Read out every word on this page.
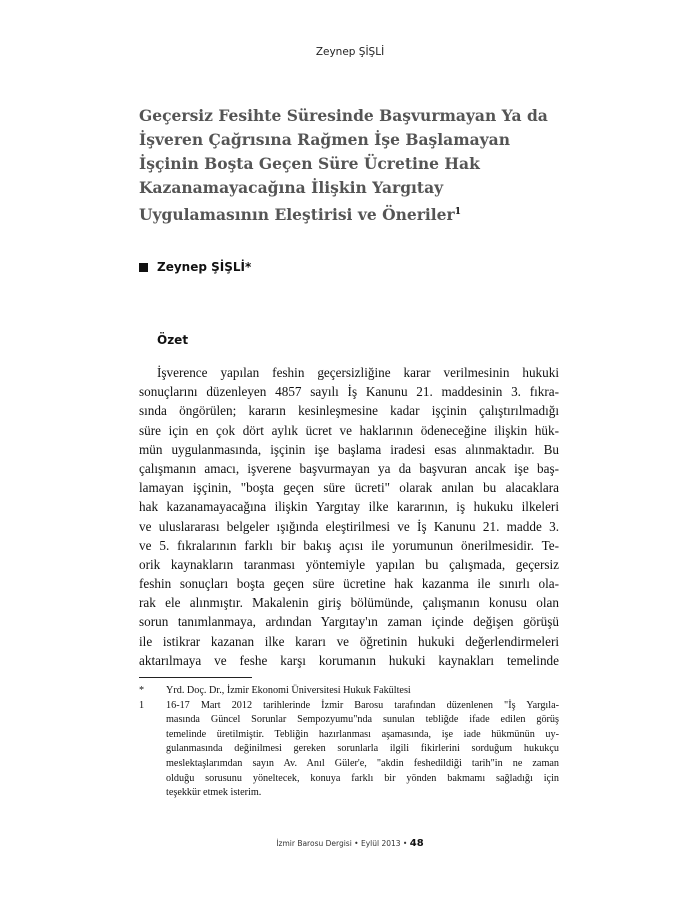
Zeynep ŞİŞLİ
Geçersiz Fesihte Süresinde Başvurmayan Ya da İşveren Çağrısına Rağmen İşe Başlamayan İşçinin Boşta Geçen Süre Ücretine Hak Kazanamayacağına İlişkin Yargıtay Uygulamasının Eleştirisi ve Öneriler$^1$
Zeynep ŞİŞLİ*
Özet
İşverence yapılan feshin geçersizliğine karar verilmesinin hukuki
sonuçlarını düzenleyen 4857 sayılı İş Kanunu 21. maddesinin 3. fıkra-
sında öngörülen; kararın kesinleşmesine kadar işçinin çalıştırılmadığı
süre için en çok dört aylık ücret ve haklarının ödeneceğine ilişkin hük-
mün uygulanmasında, işçinin işe başlama iradesi esas alınmaktadır. Bu
çalışmanın amacı, işverene başvurmayan ya da başvuran ancak işe baş-
lamayan işçinin, "boşta geçen süre ücreti" olarak anılan bu alacaklara
hak kazanamayacağına ilişkin Yargıtay ilke kararının, iş hukuku ilkeleri
ve uluslararası belgeler ışığında eleştirilmesi ve İş Kanunu 21. madde 3.
ve 5. fıkralarının farklı bir bakış açısı ile yorumunun önerilmesidir. Te-
orik kaynakların taranması yöntemiyle yapılan bu çalışmada, geçersiz
feshin sonuçları boşta geçen süre ücretine hak kazanma ile sınırlı ola-
rak ele alınmıştır. Makalenin giriş bölümünde, çalışmanın konusu olan
sorun tanımlanmaya, ardından Yargıtay'ın zaman içinde değişen görüşü
ile istikrar kazanan ilke kararı ve öğretinin hukuki değerlendirmeleri
aktarılmaya ve feshe karşı korumanın hukuki kaynakları temelinde
* Yrd. Doç. Dr., İzmir Ekonomi Üniversitesi Hukuk Fakültesi
1 16-17 Mart 2012 tarihlerinde İzmir Barosu tarafından düzenlenen "İş Yargıla-
masında Güncel Sorunlar Sempozyumu"nda sunulan tebliğde ifade edilen görüş
temelinde üretilmiştir. Tebliğin hazırlanması aşamasında, işe iade hükmünün uy-
gulanmasında değinilmesi gereken sorunlarla ilgili fikirlerini sorduğum hukukçu
meslektaşlarımdan sayın Av. Anıl Güler'e, "akdin feshedildiği tarih"in ne zaman
olduğu sorusunu yöneltecek, konuya farklı bir yönden bakmamı sağladığı için
teşekkür etmek isterim.
İzmir Barosu Dergisi • Eylül 2013 • 48
